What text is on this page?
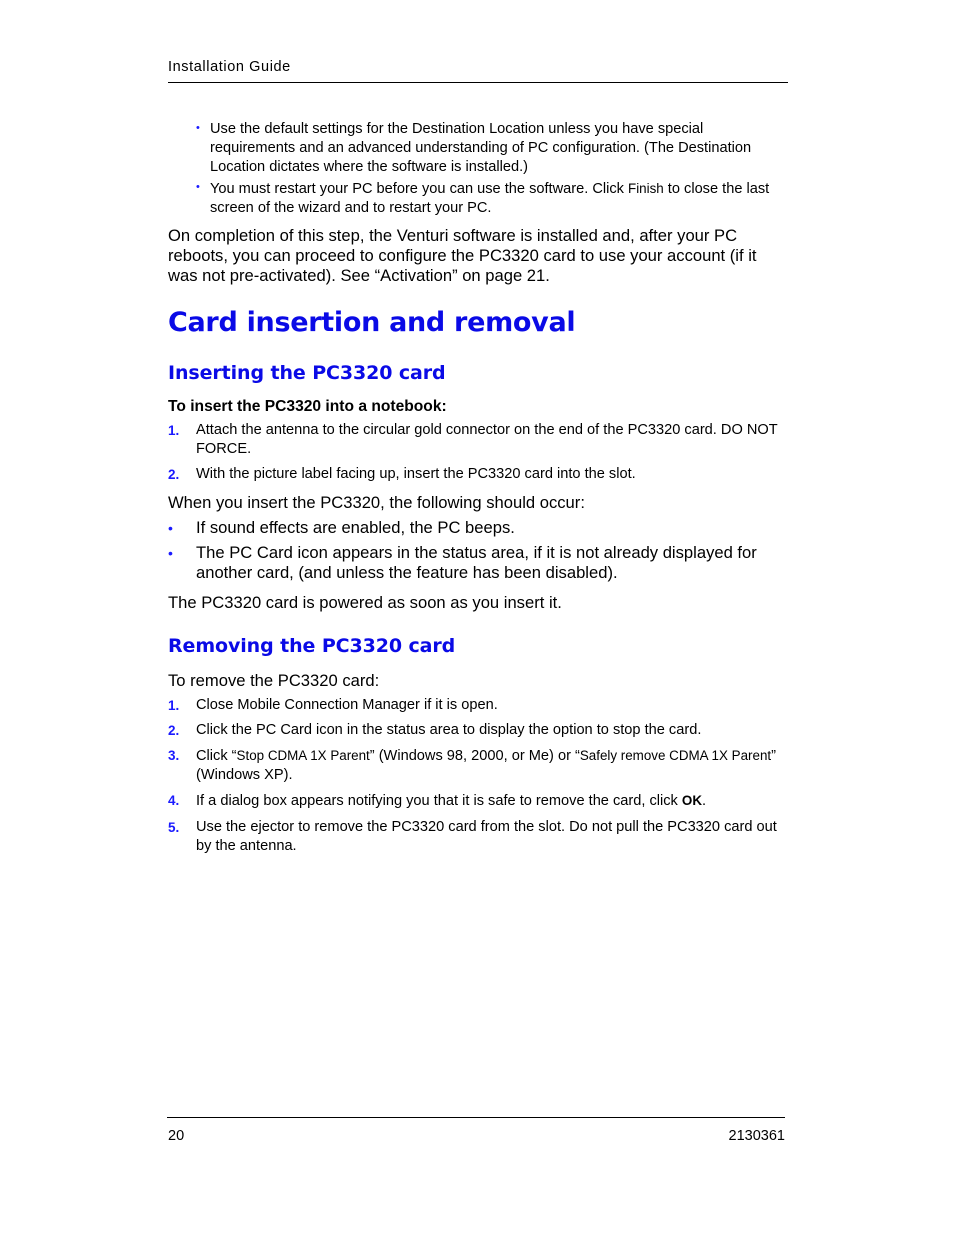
Installation Guide
• Use the default settings for the Destination Location unless you have special requirements and an advanced understanding of PC configuration. (The Destination Location dictates where the software is installed.)
• You must restart your PC before you can use the software. Click Finish to close the last screen of the wizard and to restart your PC.

On completion of this step, the Venturi software is installed and, after your PC reboots, you can proceed to configure the PC3320 card to use your account (if it was not pre-activated). See “Activation” on page 21.

Card insertion and removal
Inserting the PC3320 card

To insert the PC3320 into a notebook:

1. Attach the antenna to the circular gold connector on the end of the PC3320 card. DO NOT FORCE.
2. With the picture label facing up, insert the PC3320 card into the slot.

When you insert the PC3320, the following should occur:

• If sound effects are enabled, the PC beeps.
• The PC Card icon appears in the status area, if it is not already displayed for another card, (and unless the feature has been disabled).

The PC3320 card is powered as soon as you insert it.

Removing the PC3320 card

To remove the PC3320 card:

1. Close Mobile Connection Manager if it is open.
2. Click the PC Card icon in the status area to display the option to stop the card.
3. Click “Stop CDMA 1X Parent” (Windows 98, 2000, or Me) or “Safely remove CDMA 1X Parent” (Windows XP).
4. If a dialog box appears notifying you that it is safe to remove the card, click OK.
5. Use the ejector to remove the PC3320 card from the slot. Do not pull the PC3320 card out by the antenna.
20	2130361
